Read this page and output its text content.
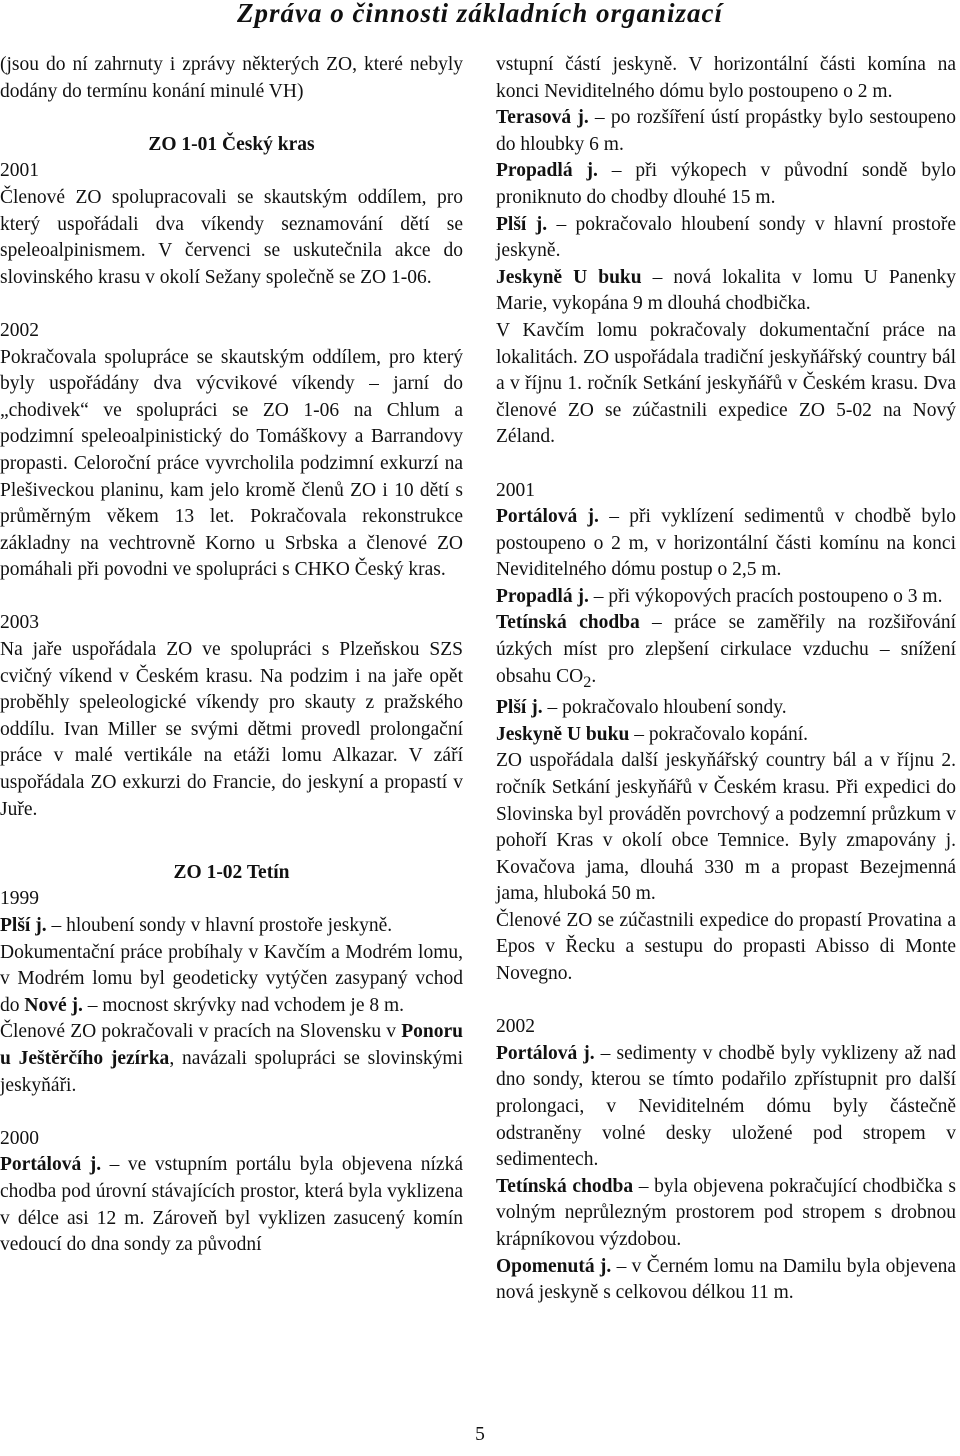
Zpráva o činnosti základních organizací

(jsou do ní zahrnuty i zprávy některých ZO, které nebyly dodány do termínu konání minulé VH)

ZO 1-01 Český kras

2001

Členové ZO spolupracovali se skautským oddílem, pro který uspořádali dva víkendy seznamování dětí se speleoalpinismem. V červenci se uskutečnila akce do slovinského krasu v okolí Sežany společně se ZO 1-06.

2002

Pokračovala spolupráce se skautským oddílem, pro který byly uspořádány dva výcvikové víkendy – jarní do „chodivek“ ve spolupráci se ZO 1-06 na Chlum a podzimní speleoalpinistický do Tomáškovy a Barrandovy propasti. Celoroční práce vyvrcholila podzimní exkurzí na Plešiveckou planinu, kam jelo kromě členů ZO i 10 dětí s průměrným věkem 13 let. Pokračovala rekonstrukce základny na vechtrovně Korno u Srbska a členové ZO pomáhali při povodni ve spolupráci s CHKO Český kras.

2003

Na jaře uspořádala ZO ve spolupráci s Plzeňskou SZS cvičný víkend v Českém krasu. Na podzim i na jaře opět proběhly speleologické víkendy pro skauty z pražského oddílu. Ivan Miller se svými dětmi provedl prolongační práce v malé vertikále na etáži lomu Alkazar. V září uspořádala ZO exkurzi do Francie, do jeskyní a propastí v Juře.

ZO 1-02 Tetín

1999

Plší j. – hloubení sondy v hlavní prostoře jeskyně.

Dokumentační práce probíhaly v Kavčím a Modrém lomu, v Modrém lomu byl geodeticky vytýčen zasypaný vchod do Nové j. – mocnost skrývky nad vchodem je 8 m.

Členové ZO pokračovali v pracích na Slovensku v Ponoru u Ještěrčího jezírka, navázali spolupráci se slovinskými jeskyňáři.

2000

Portálová j. – ve vstupním portálu byla objevena nízká chodba pod úrovní stávajících prostor, která byla vyklizena v délce asi 12 m. Zároveň byl vyklizen zasucený komín vedoucí do dna sondy za původní

vstupní částí jeskyně. V horizontální části komína na konci Neviditelného dómu bylo postoupeno o 2 m.

Terasová j. – po rozšíření ústí propástky bylo sestoupeno do hloubky 6 m.

Propadlá j. – při výkopech v původní sondě bylo proniknuto do chodby dlouhé 15 m.

Plší j. – pokračovalo hloubení sondy v hlavní prostoře jeskyně.

Jeskyně U buku – nová lokalita v lomu U Panenky Marie, vykopána 9 m dlouhá chodbička.

V Kavčím lomu pokračovaly dokumentační práce na lokalitách. ZO uspořádala tradiční jeskyňářský country bál a v říjnu 1. ročník Setkání jeskyňářů v Českém krasu. Dva členové ZO se zúčastnili expedice ZO 5-02 na Nový Zéland.

2001

Portálová j. – při vyklízení sedimentů v chodbě bylo postoupeno o 2 m, v horizontální části komínu na konci Neviditelného dómu postup o 2,5 m.

Propadlá j. – při výkopových pracích postoupeno o 3 m.

Tetínská chodba – práce se zaměřily na rozšiřování úzkých míst pro zlepšení cirkulace vzduchu – snížení obsahu $CO_2$.

Plší j. – pokračovalo hloubení sondy.

Jeskyně U buku – pokračovalo kopání.

ZO uspořádala další jeskyňářský country bál a v říjnu 2. ročník Setkání jeskyňářů v Českém krasu. Při expedici do Slovinska byl prováděn povrchový a podzemní průzkum v pohoří Kras v okolí obce Temnice. Byly zmapovány j. Kovačova jama, dlouhá 330 m a propast Bezejmenná jama, hluboká 50 m.

Členové ZO se zúčastnili expedice do propastí Provatina a Epos v Řecku a sestupu do propasti Abisso di Monte Novegno.

2002

Portálová j. – sedimenty v chodbě byly vyklizeny až nad dno sondy, kterou se tímto podařilo zpřístupnit pro další prolongaci, v Neviditelném dómu byly částečně odstraněny volné desky uložené pod stropem v sedimentech.

Tetínská chodba – byla objevena pokračující chodbička s volným neprůlezným prostorem pod stropem s drobnou krápníkovou výzdobou.

Opomenutá j. – v Černém lomu na Damilu byla objevena nová jeskyně s celkovou délkou 11 m.

5
